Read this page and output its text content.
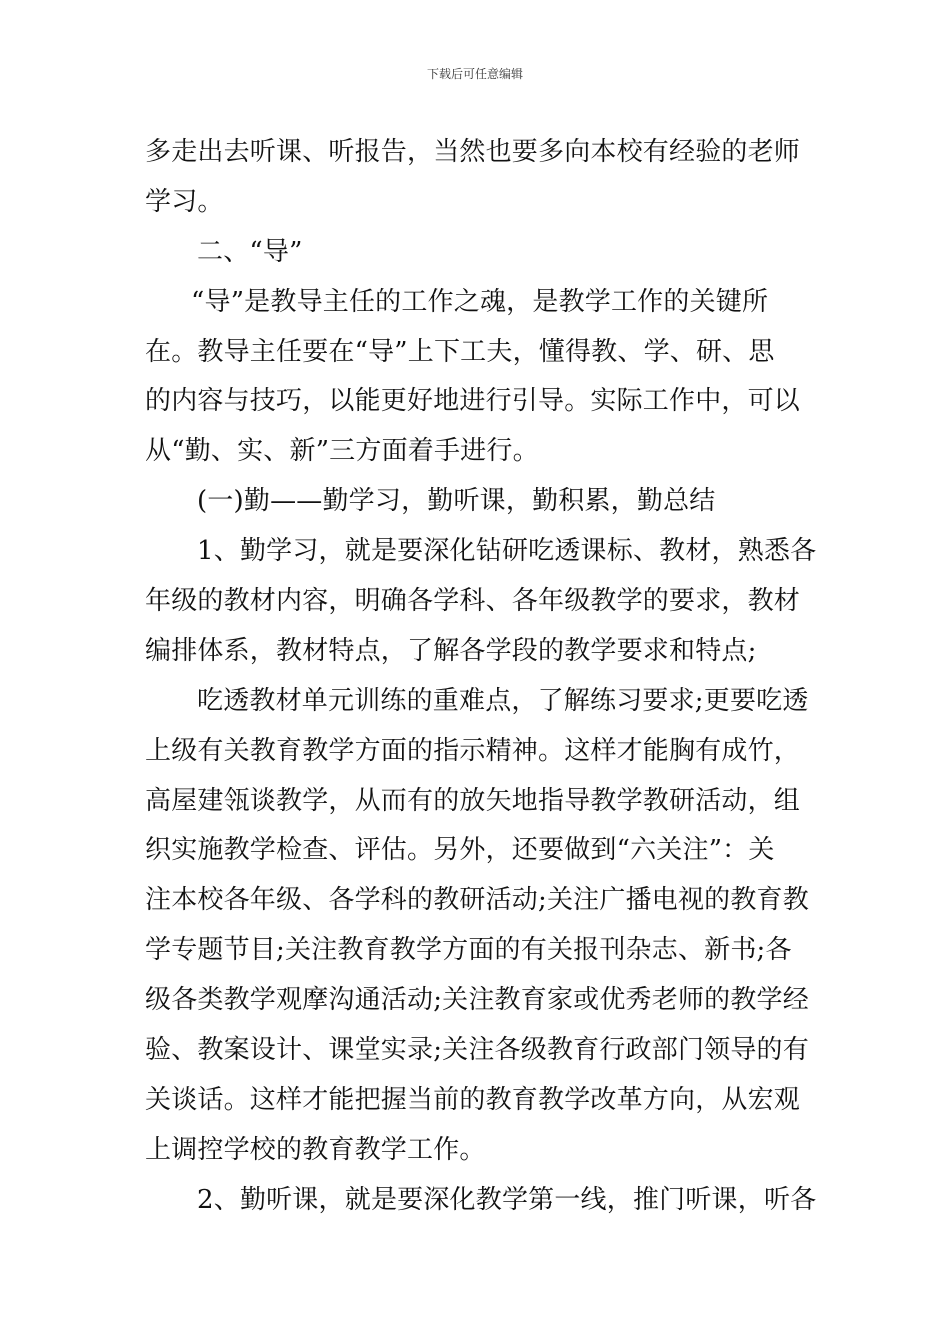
下载后可任意编辑
多走出去听课、听报告，当然也要多向本校有经验的老师
学习。
二、“导”
“导”是教导主任的工作之魂，是教学工作的关键所
在。教导主任要在“导”上下工夫，懂得教、学、研、思
的内容与技巧，以能更好地进行引导。实际工作中，可以
从“勤、实、新”三方面着手进行。
(一)勤——勤学习，勤听课，勤积累，勤总结
1、勤学习，就是要深化钻研吃透课标、教材，熟悉各
年级的教材内容，明确各学科、各年级教学的要求，教材
编排体系，教材特点，了解各学段的教学要求和特点;
吃透教材单元训练的重难点，了解练习要求;更要吃透
上级有关教育教学方面的指示精神。这样才能胸有成竹，
高屋建瓴谈教学，从而有的放矢地指导教学教研活动，组
织实施教学检查、评估。另外，还要做到“六关注”：关
注本校各年级、各学科的教研活动;关注广播电视的教育教
学专题节目;关注教育教学方面的有关报刊杂志、新书;各
级各类教学观摩沟通活动;关注教育家或优秀老师的教学经
验、教案设计、课堂实录;关注各级教育行政部门领导的有
关谈话。这样才能把握当前的教育教学改革方向，从宏观
上调控学校的教育教学工作。
2、勤听课，就是要深化教学第一线，推门听课，听各
